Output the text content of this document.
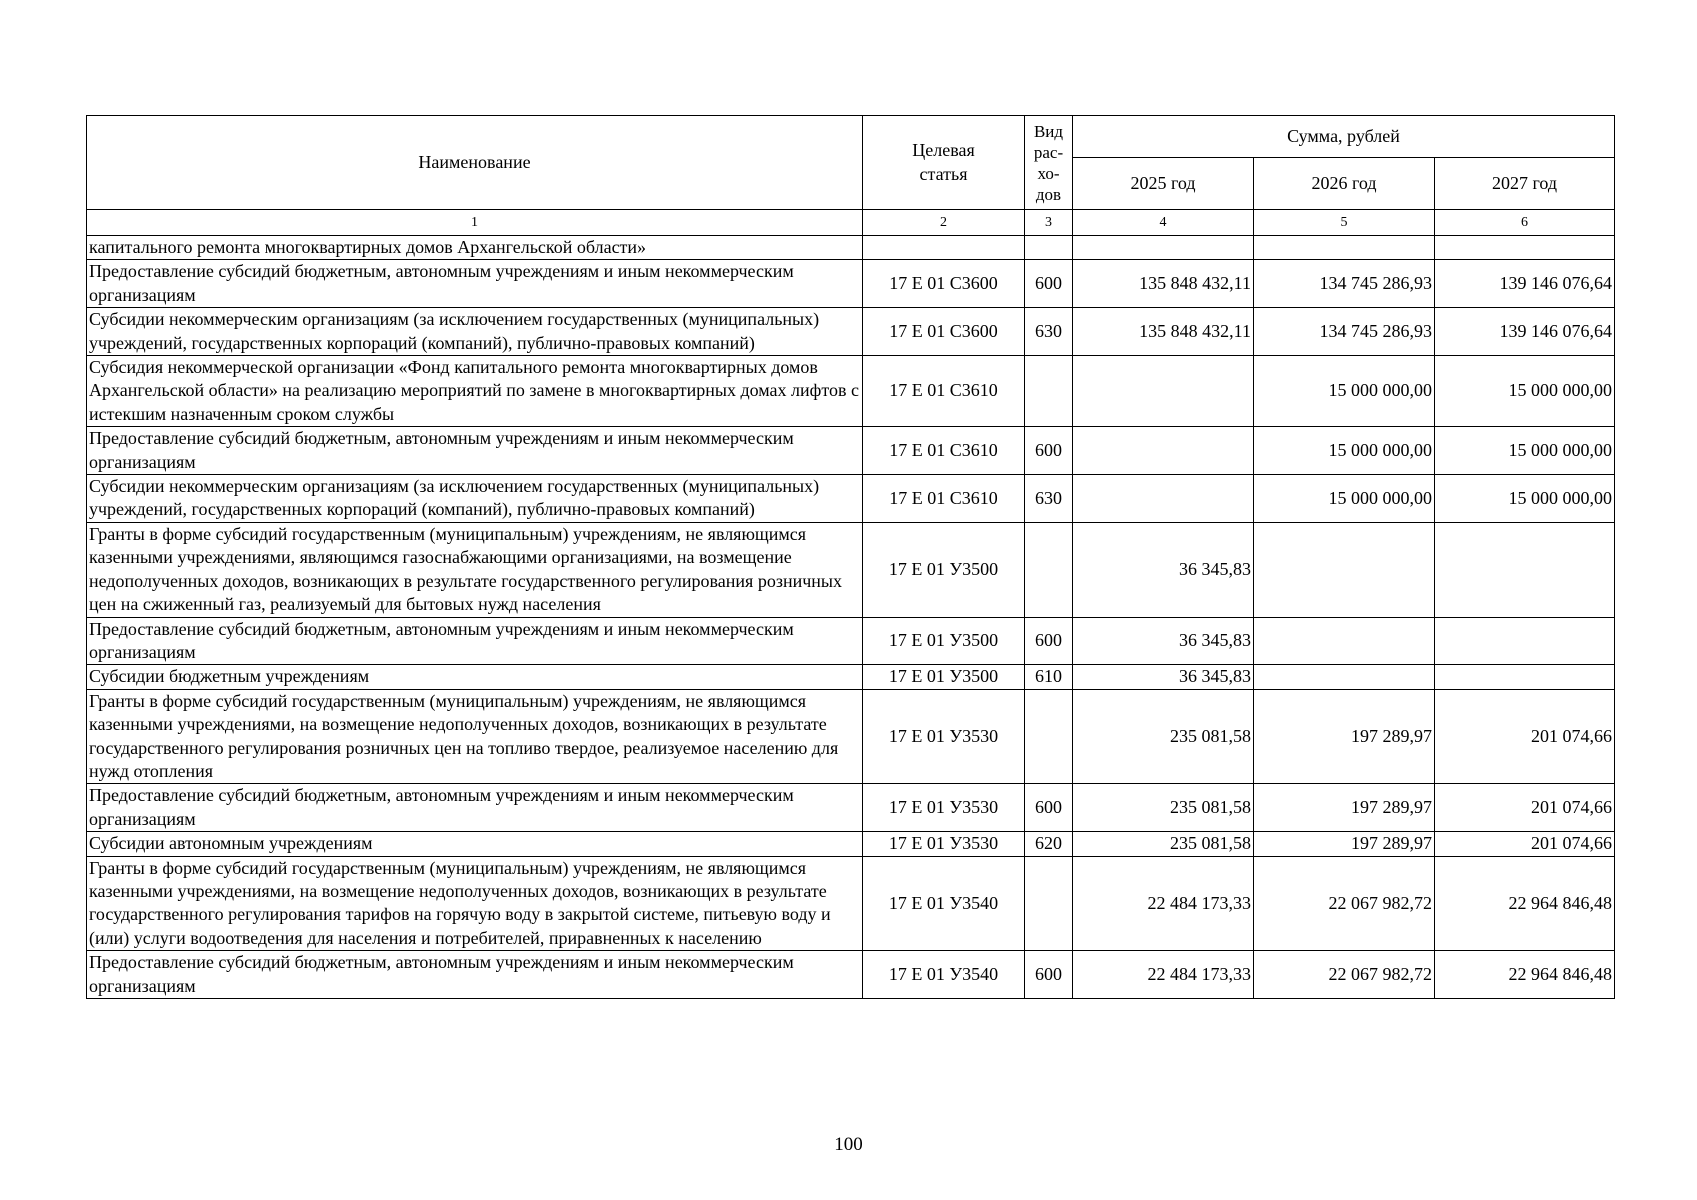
Наименование	Целевая статья	Вид
рас-
хо-
дов	Сумма, рублей		
			2025 год	2026 год	2027 год
1	2	3	4	5	6
капитального ремонта многоквартирных домов Архангельской области»					
Предоставление субсидий бюджетным, автономным учреждениям и иным некоммерческим организациям	17 Е 01 С3600	600	135 848 432,11	134 745 286,93	139 146 076,64
Субсидии некоммерческим организациям (за исключением государственных (муниципальных) учреждений, государственных корпораций (компаний), публично-правовых компаний)	17 Е 01 С3600	630	135 848 432,11	134 745 286,93	139 146 076,64
Субсидия некоммерческой организации «Фонд капитального ремонта многоквартирных домов Архангельской области» на реализацию мероприятий по замене в многоквартирных домах лифтов с истекшим назначенным сроком службы	17 Е 01 С3610			15 000 000,00	15 000 000,00
Предоставление субсидий бюджетным, автономным учреждениям и иным некоммерческим организациям	17 Е 01 С3610	600		15 000 000,00	15 000 000,00
Субсидии некоммерческим организациям (за исключением государственных (муниципальных) учреждений, государственных корпораций (компаний), публично-правовых компаний)	17 Е 01 С3610	630		15 000 000,00	15 000 000,00
Гранты в форме субсидий государственным (муниципальным) учреждениям, не являющимся казенными учреждениями, являющимся газоснабжающими организациями, на возмещение недополученных доходов, возникающих в результате государственного регулирования розничных цен на сжиженный газ, реализуемый для бытовых нужд населения	17 Е 01 У3500		36 345,83		
Предоставление субсидий бюджетным, автономным учреждениям и иным некоммерческим организациям	17 Е 01 У3500	600	36 345,83		
Субсидии бюджетным учреждениям	17 Е 01 У3500	610	36 345,83		
Гранты в форме субсидий государственным (муниципальным) учреждениям, не являющимся казенными учреждениями, на возмещение недополученных доходов, возникающих в результате государственного регулирования розничных цен на топливо твердое, реализуемое населению для нужд отопления	17 Е 01 У3530		235 081,58	197 289,97	201 074,66
Предоставление субсидий бюджетным, автономным учреждениям и иным некоммерческим организациям	17 Е 01 У3530	600	235 081,58	197 289,97	201 074,66
Субсидии автономным учреждениям	17 Е 01 У3530	620	235 081,58	197 289,97	201 074,66
Гранты в форме субсидий государственным (муниципальным) учреждениям, не являющимся казенными учреждениями, на возмещение недополученных доходов, возникающих в результате государственного регулирования тарифов на горячую воду в закрытой системе, питьевую воду и (или) услуги водоотведения для населения и потребителей, приравненных к населению	17 Е 01 У3540		22 484 173,33	22 067 982,72	22 964 846,48
Предоставление субсидий бюджетным, автономным учреждениям и иным некоммерческим организациям	17 Е 01 У3540	600	22 484 173,33	22 067 982,72	22 964 846,48
100
